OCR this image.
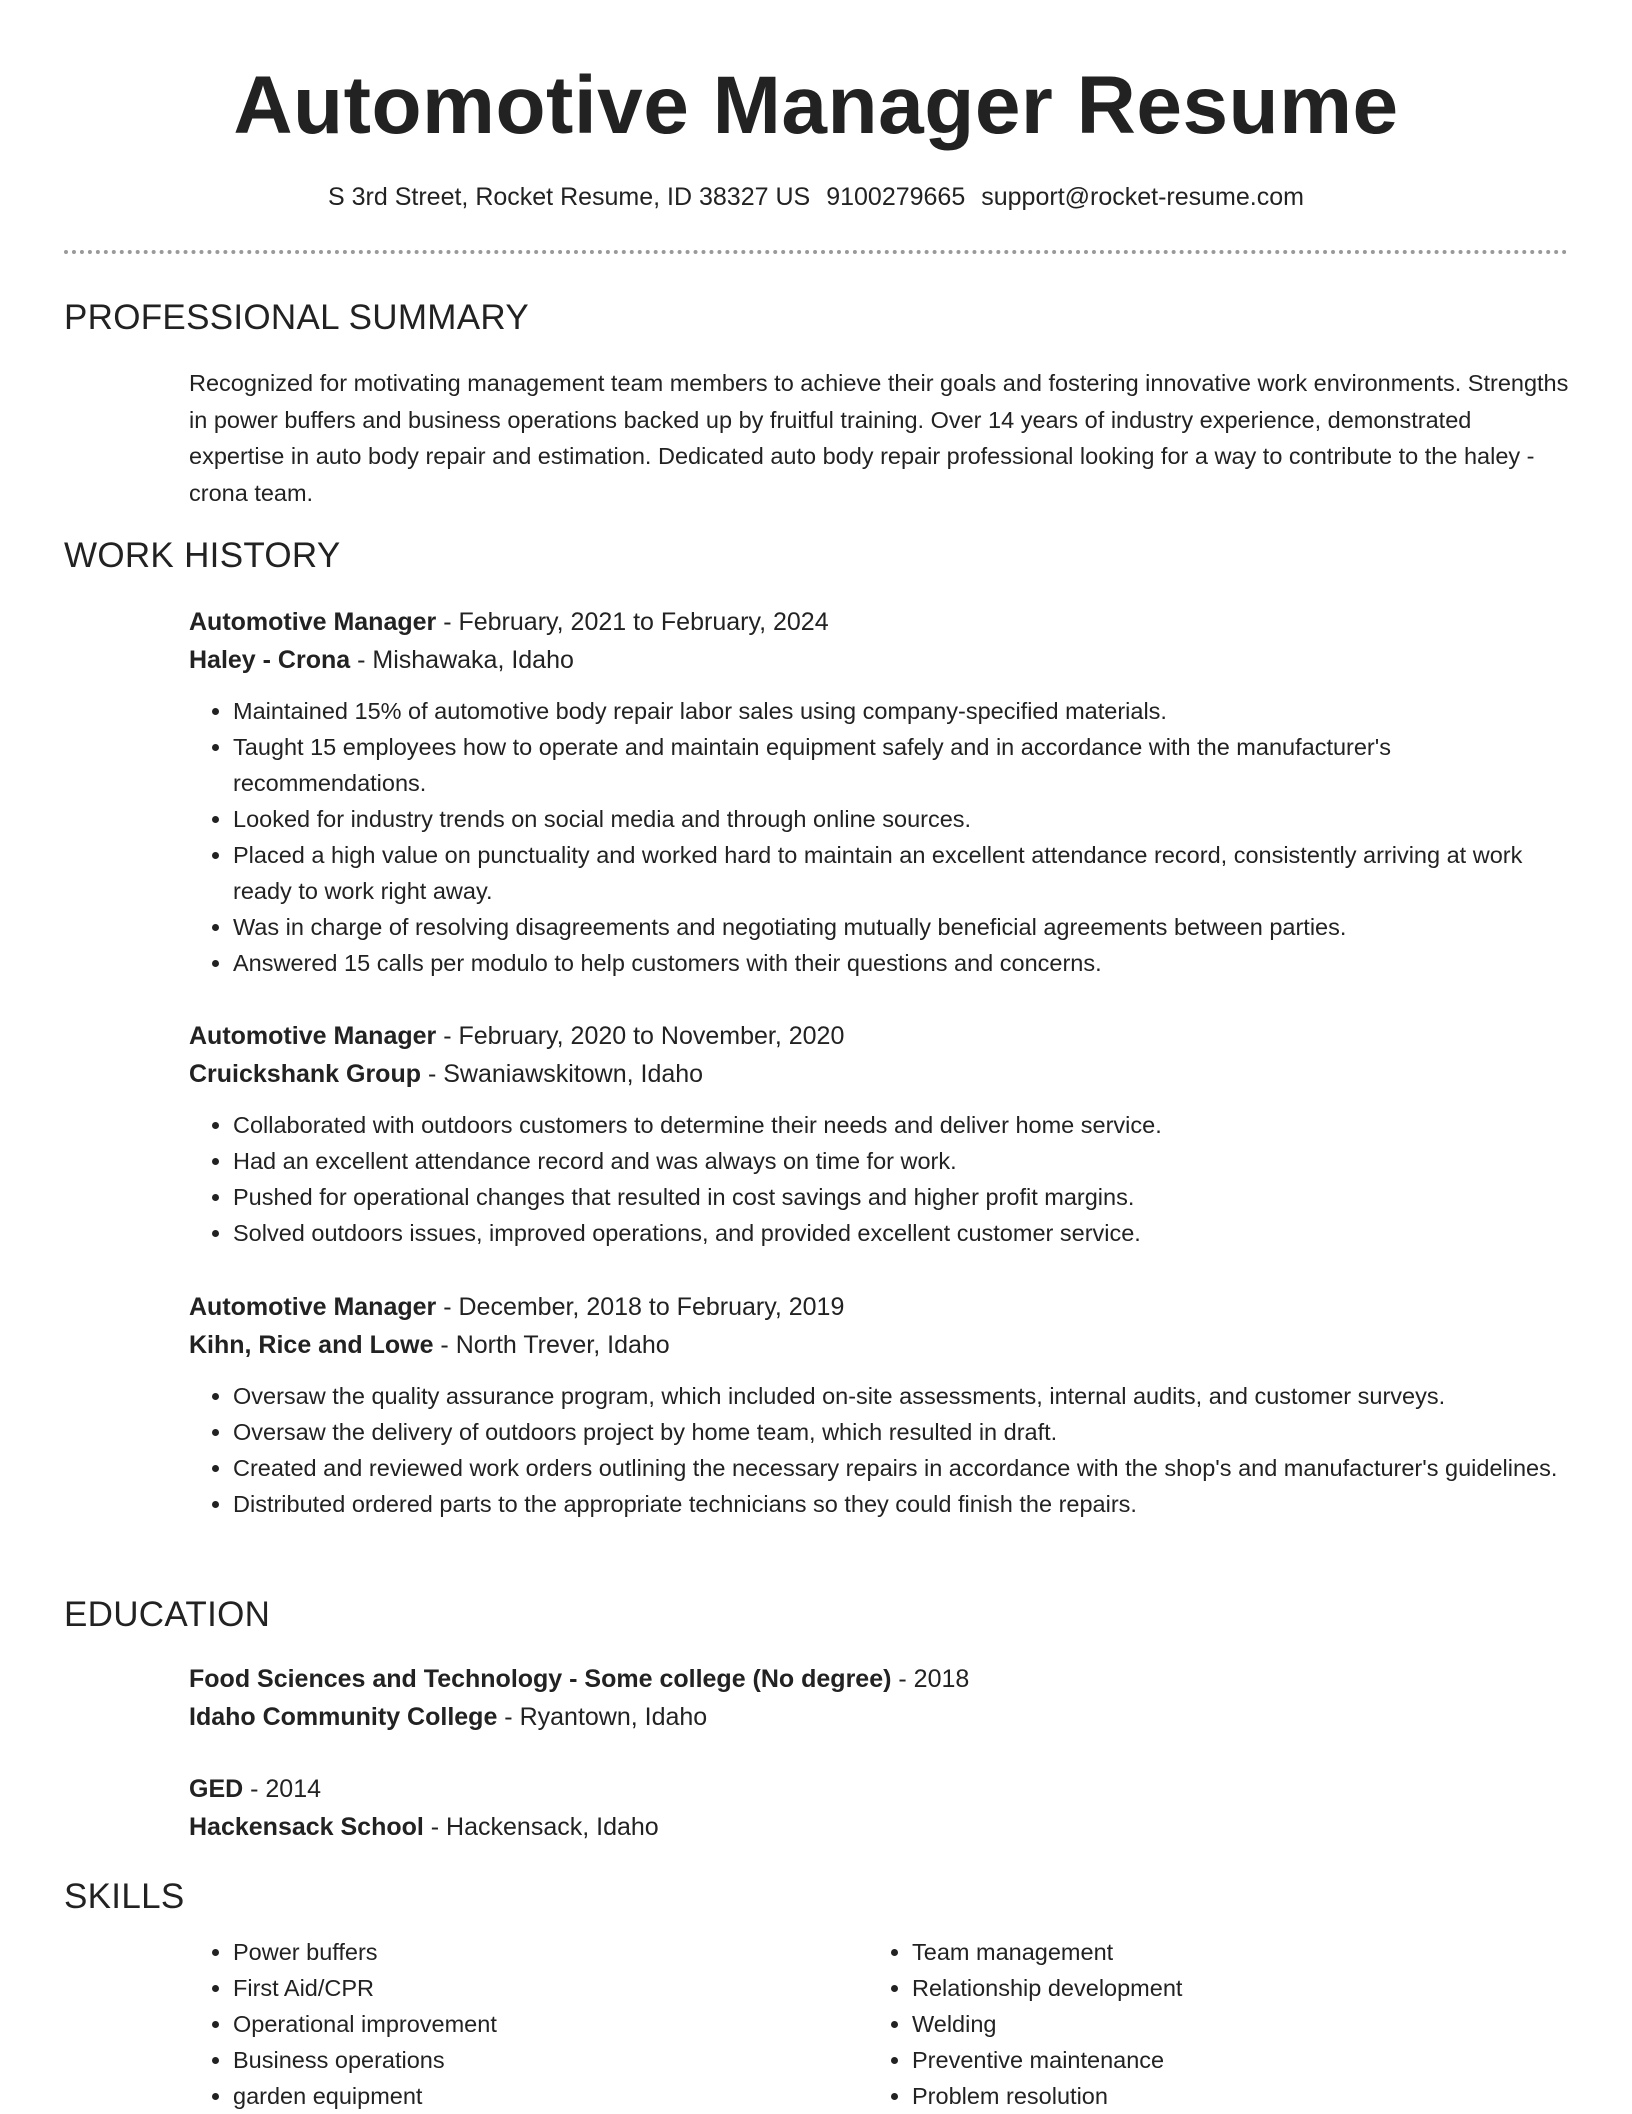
Automotive Manager Resume
S 3rd Street, Rocket Resume, ID 38327 US 9100279665 support@rocket-resume.com
PROFESSIONAL SUMMARY

Recognized for motivating management team members to achieve their goals and fostering innovative work environments. Strengths in power buffers and business operations backed up by fruitful training. Over 14 years of industry experience, demonstrated expertise in auto body repair and estimation. Dedicated auto body repair professional looking for a way to contribute to the haley - crona team.

WORK HISTORY
Automotive Manager - February, 2021 to February, 2024
Haley - Crona - Mishawaka, Idaho
• Maintained 15% of automotive body repair labor sales using company-specified materials.
• Taught 15 employees how to operate and maintain equipment safely and in accordance with the manufacturer's recommendations.
• Looked for industry trends on social media and through online sources.
• Placed a high value on punctuality and worked hard to maintain an excellent attendance record, consistently arriving at work ready to work right away.
• Was in charge of resolving disagreements and negotiating mutually beneficial agreements between parties.
• Answered 15 calls per modulo to help customers with their questions and concerns.
Automotive Manager - February, 2020 to November, 2020
Cruickshank Group - Swaniawskitown, Idaho
• Collaborated with outdoors customers to determine their needs and deliver home service.
• Had an excellent attendance record and was always on time for work.
• Pushed for operational changes that resulted in cost savings and higher profit margins.
• Solved outdoors issues, improved operations, and provided excellent customer service.
Automotive Manager - December, 2018 to February, 2019
Kihn, Rice and Lowe - North Trever, Idaho
• Oversaw the quality assurance program, which included on-site assessments, internal audits, and customer surveys.
• Oversaw the delivery of outdoors project by home team, which resulted in draft.
• Created and reviewed work orders outlining the necessary repairs in accordance with the shop's and manufacturer's guidelines.
• Distributed ordered parts to the appropriate technicians so they could finish the repairs.
EDUCATION
Food Sciences and Technology - Some college (No degree) - 2018
Idaho Community College - Ryantown, Idaho
GED - 2014
Hackensack School - Hackensack, Idaho
SKILLS
• Power buffers
• First Aid/CPR
• Operational improvement
• Business operations
• garden equipment
• Team management
• Relationship development
• Welding
• Preventive maintenance
• Problem resolution
